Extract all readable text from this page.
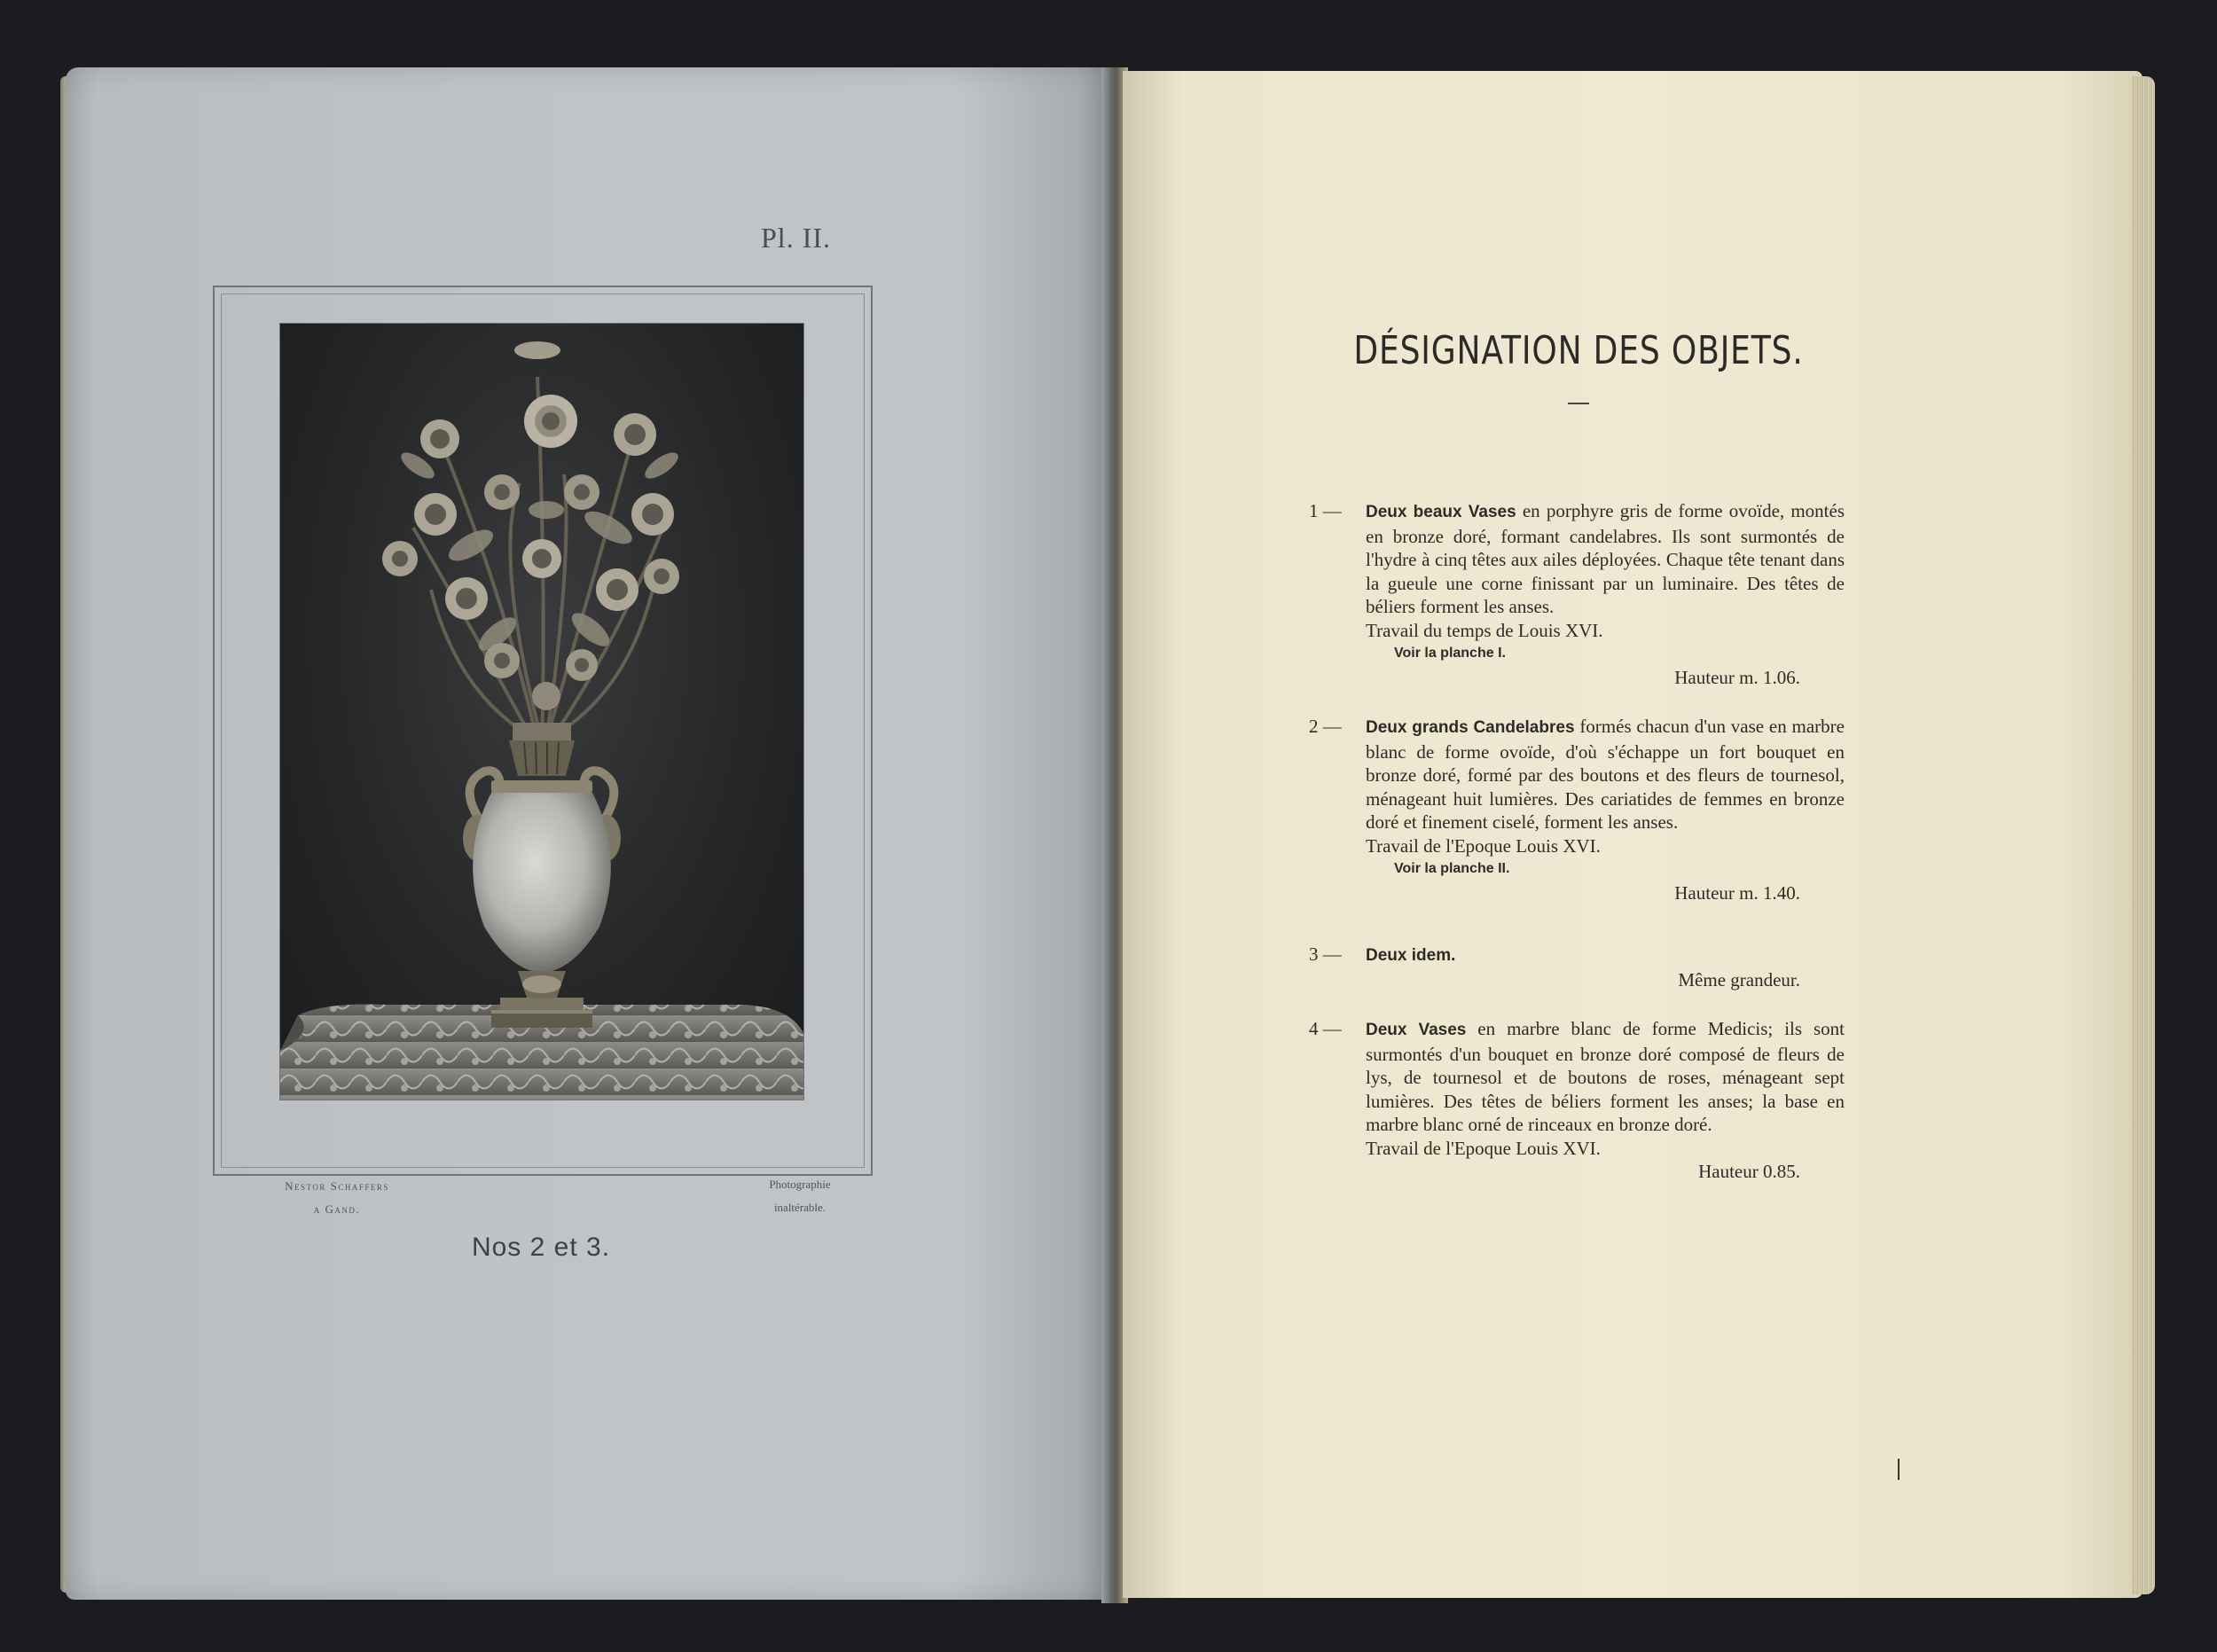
Pl. II.
Nestor Schaffers
a Gand.
Photographie
inaltérable.
Nos 2 et 3.
DÉSIGNATION DES OBJETS.
1 —	Deux beaux Vases en porphyre gris de forme ovoïde, montés en bronze doré, formant candelabres. Ils sont surmontés de l'hydre à cinq têtes aux ailes déployées. Chaque tête tenant dans la gueule une corne finissant par un luminaire. Des têtes de béliers forment les anses.
Travail du temps de Louis XVI.
Voir la planche I.
Hauteur m. 1.06.
2 —	Deux grands Candelabres formés chacun d'un vase en marbre blanc de forme ovoïde, d'où s'échappe un fort bouquet en bronze doré, formé par des boutons et des fleurs de tournesol, ménageant huit lumières. Des cariatides de femmes en bronze doré et finement ciselé, forment les anses.
Travail de l'Epoque Louis XVI.
Voir la planche II.
Hauteur m. 1.40.
3 —	Deux idem.
Même grandeur.
4 —	Deux Vases en marbre blanc de forme Medicis; ils sont surmontés d'un bouquet en bronze doré composé de fleurs de lys, de tournesol et de boutons de roses, ménageant sept lumières. Des têtes de béliers forment les anses; la base en marbre blanc orné de rinceaux en bronze doré.
Travail de l'Epoque Louis XVI.
Hauteur 0.85.
